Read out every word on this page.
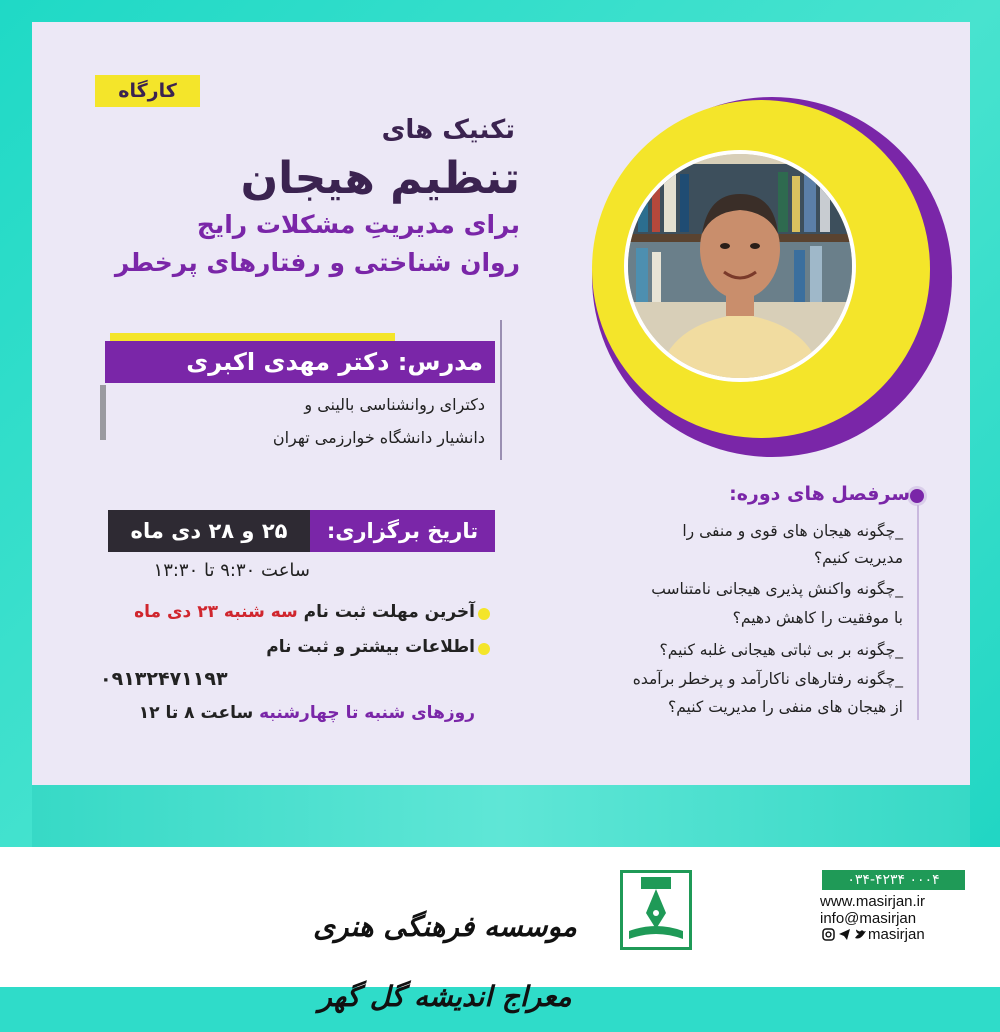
کارگاه
تکنیک های
تنظیم هیجان
برای مدیریتِ مشکلات رایج
روان شناختی و رفتارهای پرخطر
مدرس: دکتر مهدی اکبری
دکترای روانشناسی بالینی و
دانشیار دانشگاه خوارزمی تهران
تاریخ برگزاری:
۲۵ و ۲۸ دی ماه
ساعت ۹:۳۰ تا ۱۳:۳۰
آخرین مهلت ثبت نام سه شنبه ۲۳ دی ماه
اطلاعات بیشتر و ثبت نام
۰۹۱۳۲۴۷۱۱۹۳
روزهای شنبه تا چهارشنبه ساعت ۸ تا ۱۲
سرفصل های دوره:
_چگونه هیجان های قوی و منفی را
مدیریت کنیم؟
_چگونه واکنش پذیری هیجانی نامتناسب
با موفقیت را کاهش دهیم؟
_چگونه بر بی ثباتی هیجانی غلبه کنیم؟
_چگونه رفتارهای ناکارآمد و پرخطر برآمده
از هیجان های منفی را مدیریت کنیم؟
موسسه فرهنگی هنری معراج اندیشه گل گهر
۰۳۴-۴۲۳۴ ۰۰۰۴
www.masirjan.ir
info@masirjan
masirjan
